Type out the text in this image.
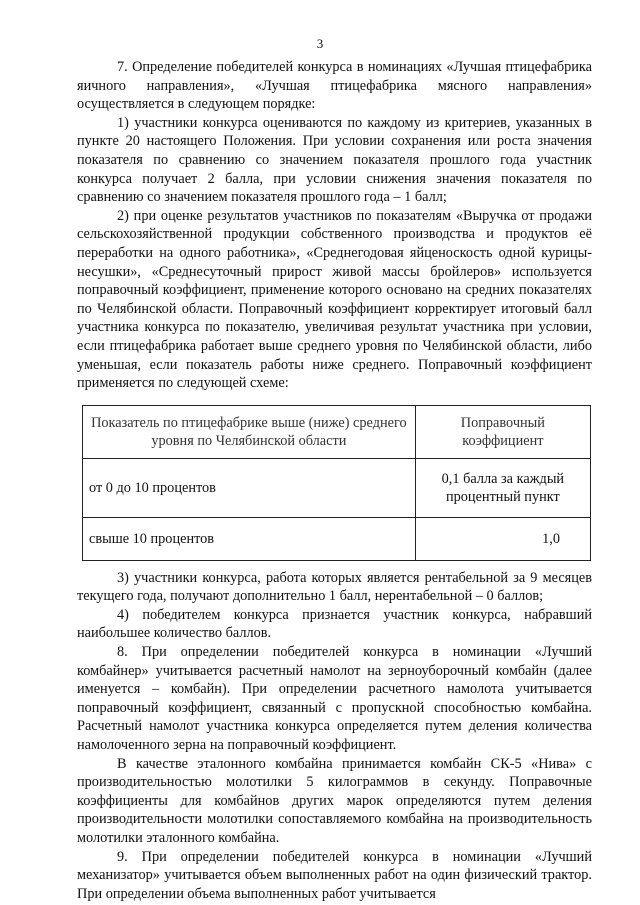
3

7. Определение победителей конкурса в номинациях «Лучшая птицефабрика яичного направления», «Лучшая птицефабрика мясного направления» осуществляется в следующем порядке:

1) участники конкурса оцениваются по каждому из критериев, указанных в пункте 20 настоящего Положения. При условии сохранения или роста значения показателя по сравнению со значением показателя прошлого года участник конкурса получает 2 балла, при условии снижения значения показателя по сравнению со значением показателя прошлого года – 1 балл;

2) при оценке результатов участников по показателям «Выручка от продажи сельскохозяйственной продукции собственного производства и продуктов её переработки на одного работника», «Среднегодовая яйценоскость одной курицы-несушки», «Среднесуточный прирост живой массы бройлеров» используется поправочный коэффициент, применение которого основано на средних показателях по Челябинской области. Поправочный коэффициент корректирует итоговый балл участника конкурса по показателю, увеличивая результат участника при условии, если птицефабрика работает выше среднего уровня по Челябинской области, либо уменьшая, если показатель работы ниже среднего. Поправочный коэффициент применяется по следующей схеме:

Показатель по птицефабрике выше (ниже) среднего уровня по Челябинской области	Поправочный коэффициент
от 0 до 10 процентов	0,1 балла за каждый процентный пункт
свыше 10 процентов	1,0

3) участники конкурса, работа которых является рентабельной за 9 месяцев текущего года, получают дополнительно 1 балл, нерентабельной – 0 баллов;

4) победителем конкурса признается участник конкурса, набравший наибольшее количество баллов.

8. При определении победителей конкурса в номинации «Лучший комбайнер» учитывается расчетный намолот на зерноуборочный комбайн (далее именуется – комбайн). При определении расчетного намолота учитывается поправочный коэффициент, связанный с пропускной способностью комбайна. Расчетный намолот участника конкурса определяется путем деления количества намолоченного зерна на поправочный коэффициент.

В качестве эталонного комбайна принимается комбайн СК-5 «Нива» с производительностью молотилки 5 килограммов в секунду. Поправочные коэффициенты для комбайнов других марок определяются путем деления производительности молотилки сопоставляемого комбайна на производительность молотилки эталонного комбайна.

9. При определении победителей конкурса в номинации «Лучший механизатор» учитывается объем выполненных работ на один физический трактор. При определении объема выполненных работ учитывается
